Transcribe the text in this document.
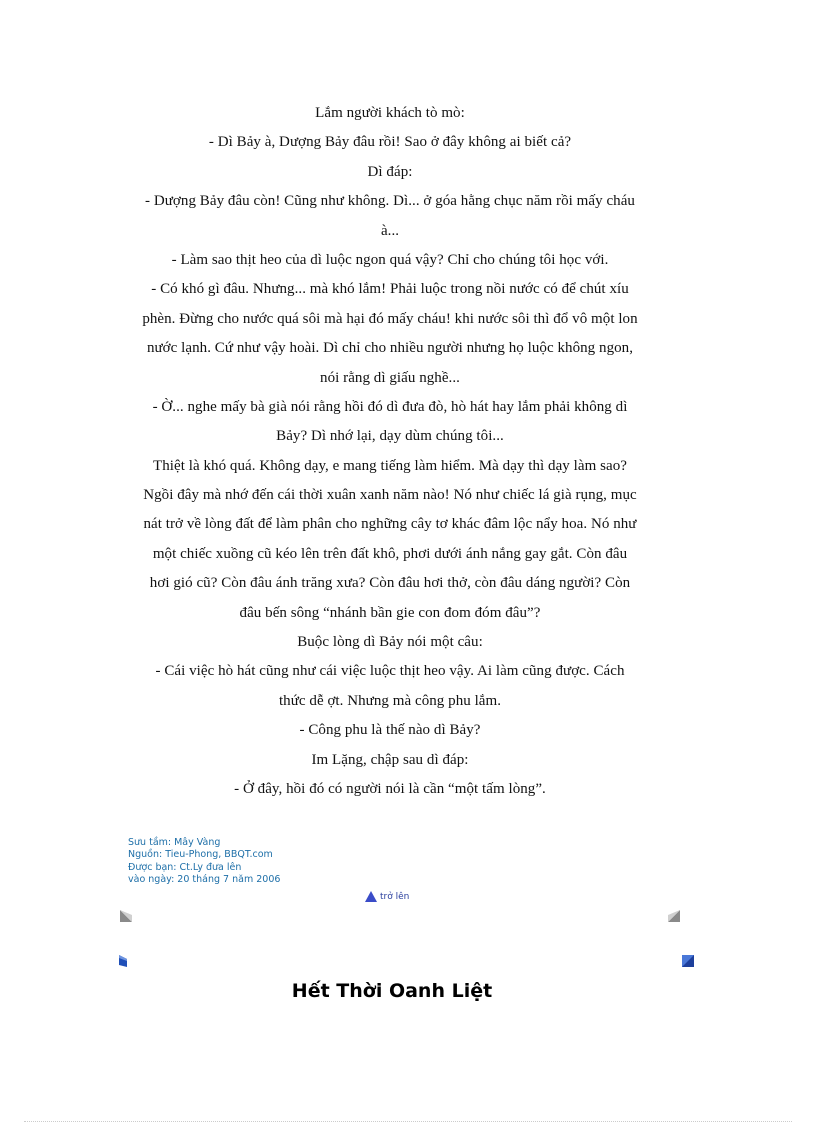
Lắm người khách tò mò:
- Dì Bảy à, Dượng Bảy đâu rồi! Sao ở đây không ai biết cả?
Dì đáp:
- Dượng Bảy đâu còn! Cũng như không. Dì... ở góa hằng chục năm rồi mấy cháu
à...
- Làm sao thịt heo của dì luộc ngon quá vậy? Chỉ cho chúng tôi học với.
- Có khó gì đâu. Nhưng... mà khó lắm! Phải luộc trong nồi nước có để chút xíu
phèn. Đừng cho nước quá sôi mà hại đó mấy cháu! khi nước sôi thì đổ vô một lon
nước lạnh. Cứ như vậy hoài. Dì chỉ cho nhiều người nhưng họ luộc không ngon,
nói rằng dì giấu nghề...
- Ờ... nghe mấy bà già nói rằng hồi đó dì đưa đò, hò hát hay lắm phải không dì
Bảy? Dì nhớ lại, dạy dùm chúng tôi...
Thiệt là khó quá. Không dạy, e mang tiếng làm hiểm. Mà dạy thì dạy làm sao?
Ngồi đây mà nhớ đến cái thời xuân xanh năm nào! Nó như chiếc lá già rụng, mục
nát trở về lòng đất để làm phân cho nghững cây tơ khác đâm lộc nẩy hoa. Nó như
một chiếc xuồng cũ kéo lên trên đất khô, phơi dưới ánh nắng gay gắt. Còn đâu
hơi gió cũ? Còn đâu ánh trăng xưa? Còn đâu hơi thở, còn đâu dáng người? Còn
đâu bến sông “nhánh bần gie con đom đóm đâu”?
Buộc lòng dì Bảy nói một câu:
- Cái việc hò hát cũng như cái việc luộc thịt heo vậy. Ai làm cũng được. Cách
thức dễ ợt. Nhưng mà công phu lắm.
- Công phu là thế nào dì Bảy?
Im Lặng, chập sau dì đáp:
- Ở đây, hồi đó có người nói là cần “một tấm lòng”.
Sưu tầm: Mây Vàng
Nguồn: Tieu-Phong, BBQT.com
Được bạn: Ct.Ly đưa lên
vào ngày: 20 tháng 7 năm 2006
trở lên
Hết Thời Oanh Liệt
